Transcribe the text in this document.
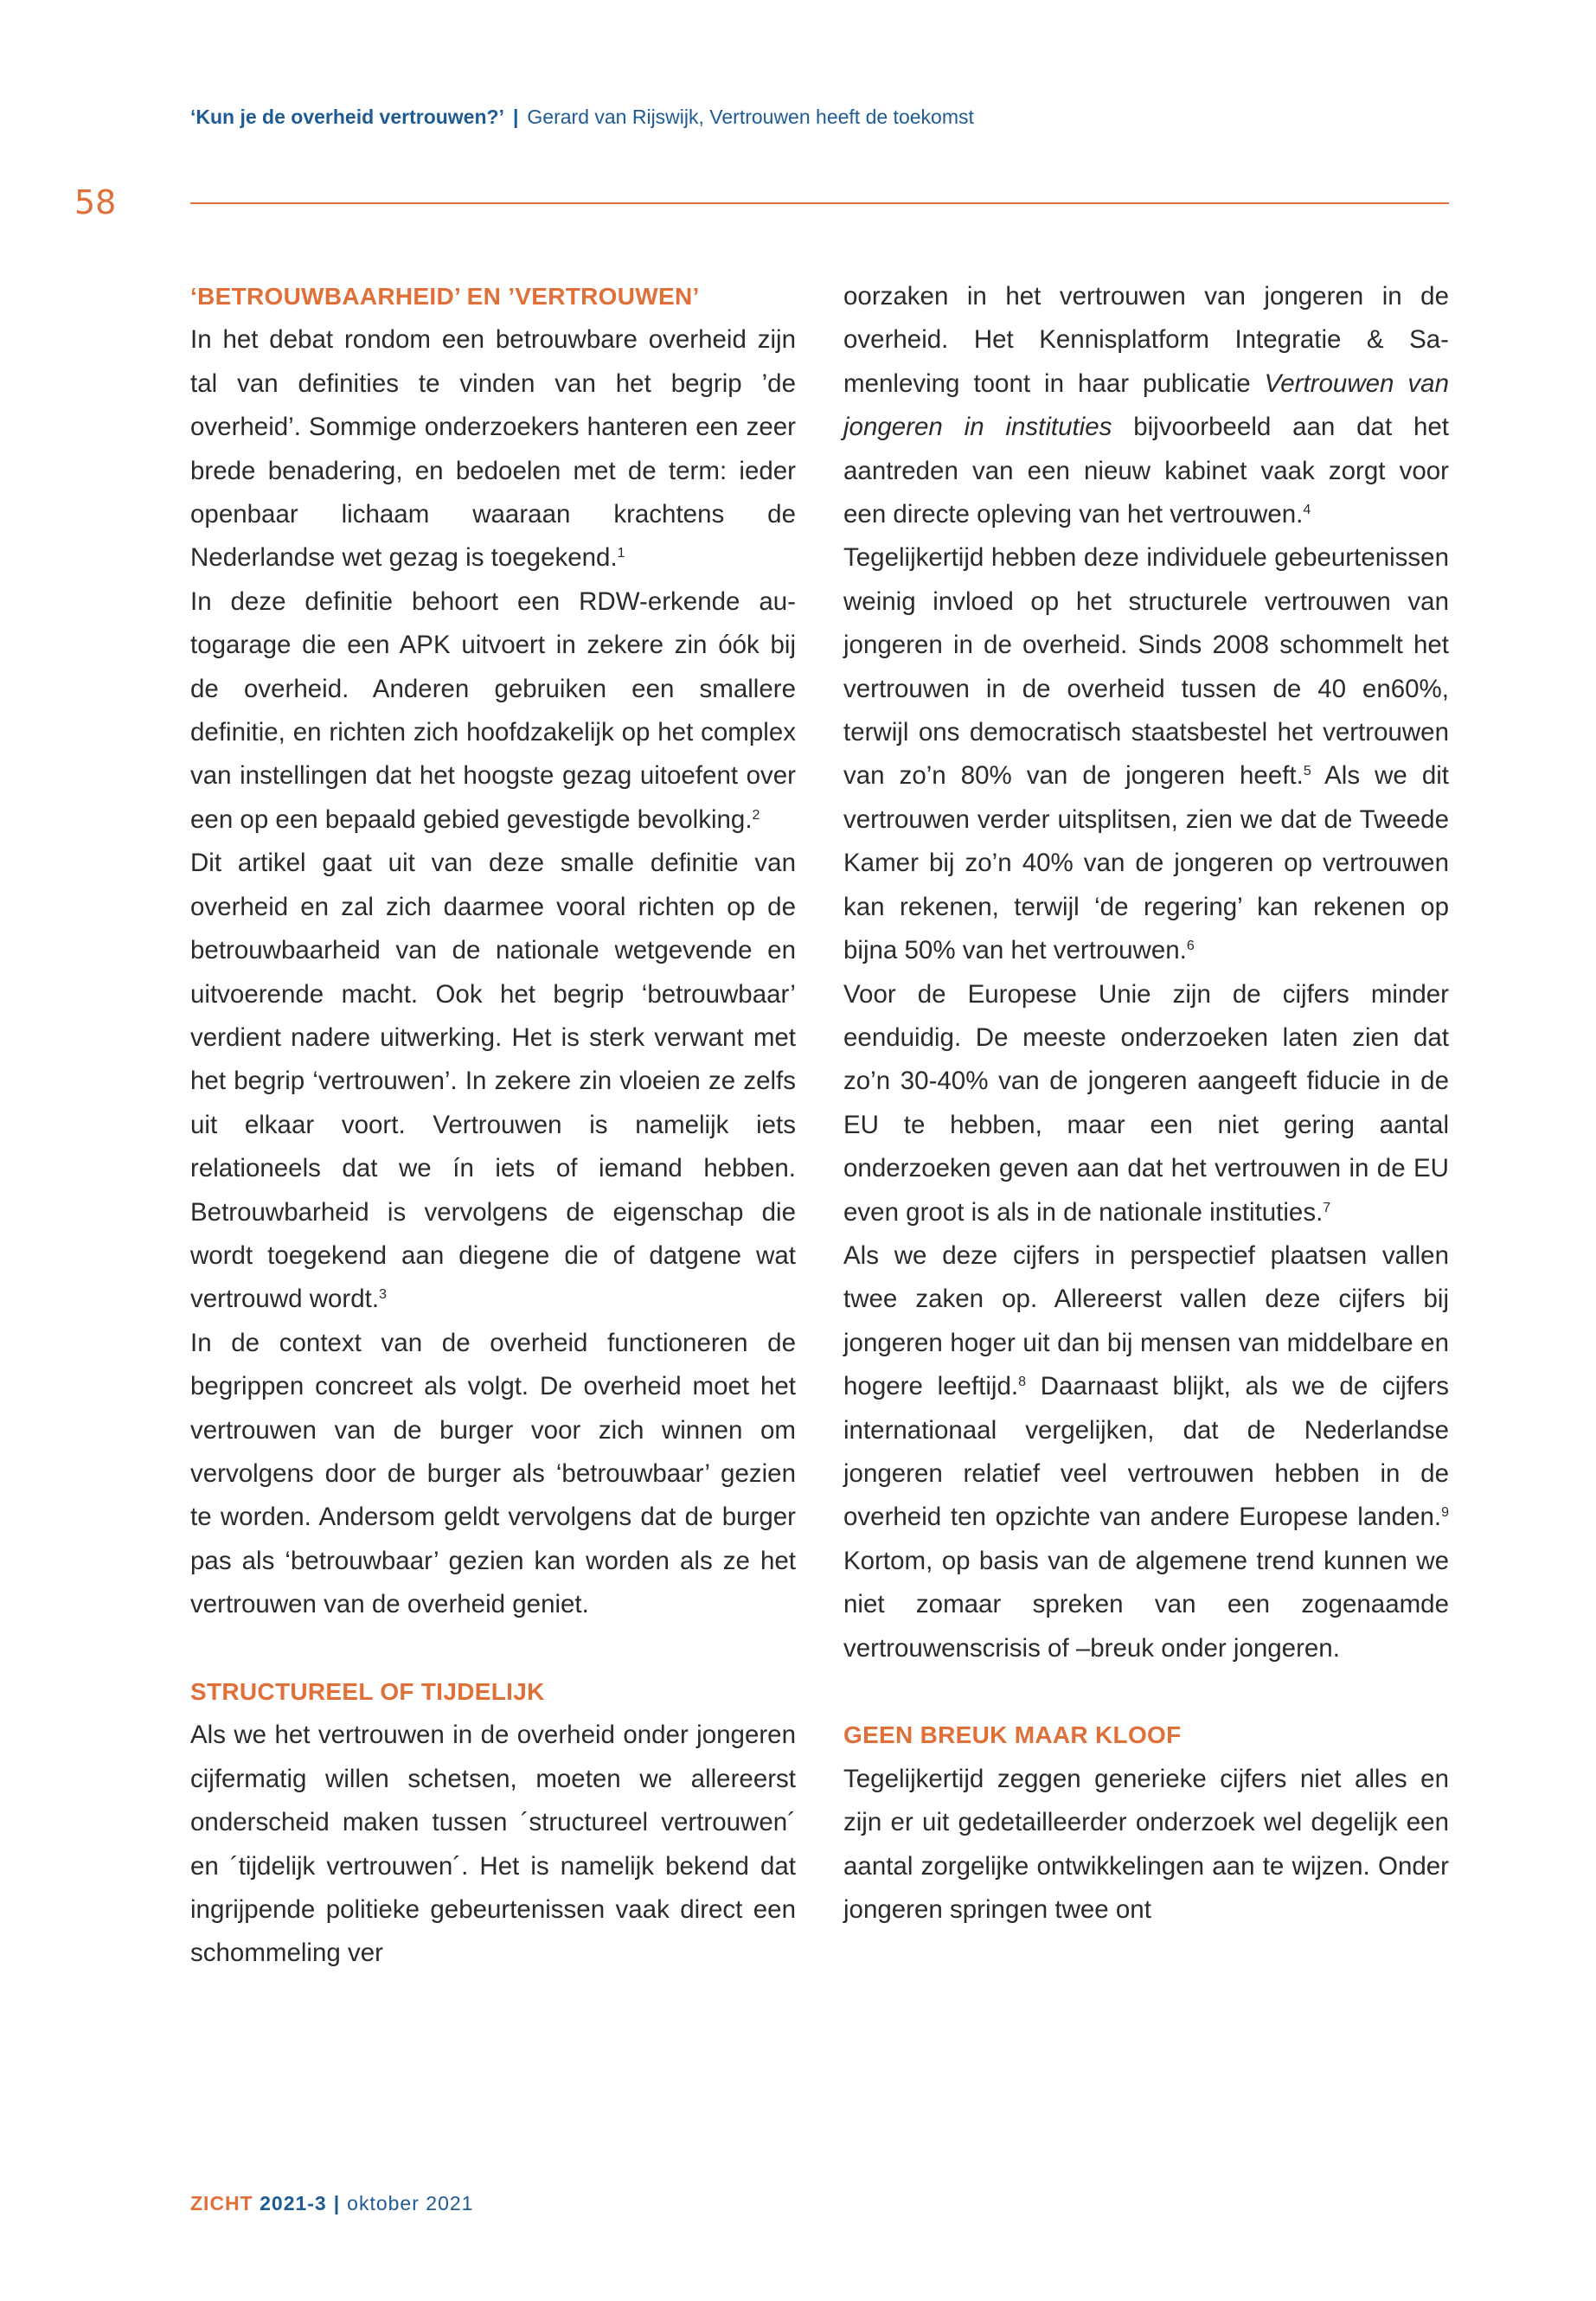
‘Kun je de overheid vertrouwen?’ | Gerard van Rijswijk, Vertrouwen heeft de toekomst
58
‘BETROUWBAARHEID’ EN ’VERTROUWEN’

In het debat rondom een betrouwbare overheid zijn tal van definities te vinden van het begrip ’de overheid’. Sommige onderzoekers hanteren een zeer brede benadering, en bedoelen met de term: ieder openbaar lichaam waaraan krachtens de Nederlandse wet gezag is toegekend.$^1$

In deze definitie behoort een RDW-erkende autogarage die een APK uitvoert in zekere zin óók bij de overheid. Anderen gebruiken een smallere definitie, en richten zich hoofdzakelijk op het complex van instellingen dat het hoogste gezag uitoefent over een op een bepaald gebied gevestigde bevolking.$^2$

Dit artikel gaat uit van deze smalle definitie van overheid en zal zich daarmee vooral richten op de betrouwbaarheid van de nationale wetgevende en uitvoerende macht. Ook het begrip ‘betrouwbaar’ verdient nadere uitwerking. Het is sterk verwant met het begrip ‘vertrouwen’. In zekere zin vloeien ze zelfs uit elkaar voort. Vertrouwen is namelijk iets relationeels dat we ín iets of iemand hebben. Betrouwbarheid is vervolgens de eigenschap die wordt toegekend aan diegene die of datgene wat vertrouwd wordt.$^3$

In de context van de overheid functioneren de begrippen concreet als volgt. De overheid moet het vertrouwen van de burger voor zich winnen om vervolgens door de burger als ‘betrouwbaar’ gezien te worden. Andersom geldt vervolgens dat de burger pas als ‘betrouwbaar’ gezien kan worden als ze het vertrouwen van de overheid geniet.

STRUCTUREEL OF TIJDELIJK

Als we het vertrouwen in de overheid onder jongeren cijfermatig willen schetsen, moeten we allereerst onderscheid maken tussen ´structureel vertrouwen´ en ´tijdelijk vertrouwen´. Het is namelijk bekend dat ingrijpende politieke gebeurtenissen vaak direct een schommeling ver

oorzaken in het vertrouwen van jongeren in de overheid. Het Kennisplatform Integratie & Samenleving toont in haar publicatie Vertrouwen van jongeren in instituties bijvoorbeeld aan dat het aantreden van een nieuw kabinet vaak zorgt voor een directe opleving van het vertrouwen.$^4$

Tegelijkertijd hebben deze individuele gebeurtenissen weinig invloed op het structurele vertrouwen van jongeren in de overheid. Sinds 2008 schommelt het vertrouwen in de overheid tussen de 40 en60%, terwijl ons democratisch staatsbestel het vertrouwen van zo’n 80% van de jongeren heeft.$^5$ Als we dit vertrouwen verder uitsplitsen, zien we dat de Tweede Kamer bij zo’n 40% van de jongeren op vertrouwen kan rekenen, terwijl ‘de regering’ kan rekenen op bijna 50% van het vertrouwen.$^6$

Voor de Europese Unie zijn de cijfers minder eenduidig. De meeste onderzoeken laten zien dat zo’n 30-40% van de jongeren aangeeft fiducie in de EU te hebben, maar een niet gering aantal onderzoeken geven aan dat het vertrouwen in de EU even groot is als in de nationale instituties.$^7$

Als we deze cijfers in perspectief plaatsen vallen twee zaken op. Allereerst vallen deze cijfers bij jongeren hoger uit dan bij mensen van middelbare en hogere leeftijd.$^8$ Daarnaast blijkt, als we de cijfers internationaal vergelijken, dat de Nederlandse jongeren relatief veel vertrouwen hebben in de overheid ten opzichte van andere Europese landen.$^9$ Kortom, op basis van de algemene trend kunnen we niet zomaar spreken van een zogenaamde vertrouwenscrisis of –breuk onder jongeren.

GEEN BREUK MAAR KLOOF

Tegelijkertijd zeggen generieke cijfers niet alles en zijn er uit gedetailleerder onderzoek wel degelijk een aantal zorgelijke ontwikkelingen aan te wijzen. Onder jongeren springen twee ont

ZICHT 2021-3 | oktober 2021
